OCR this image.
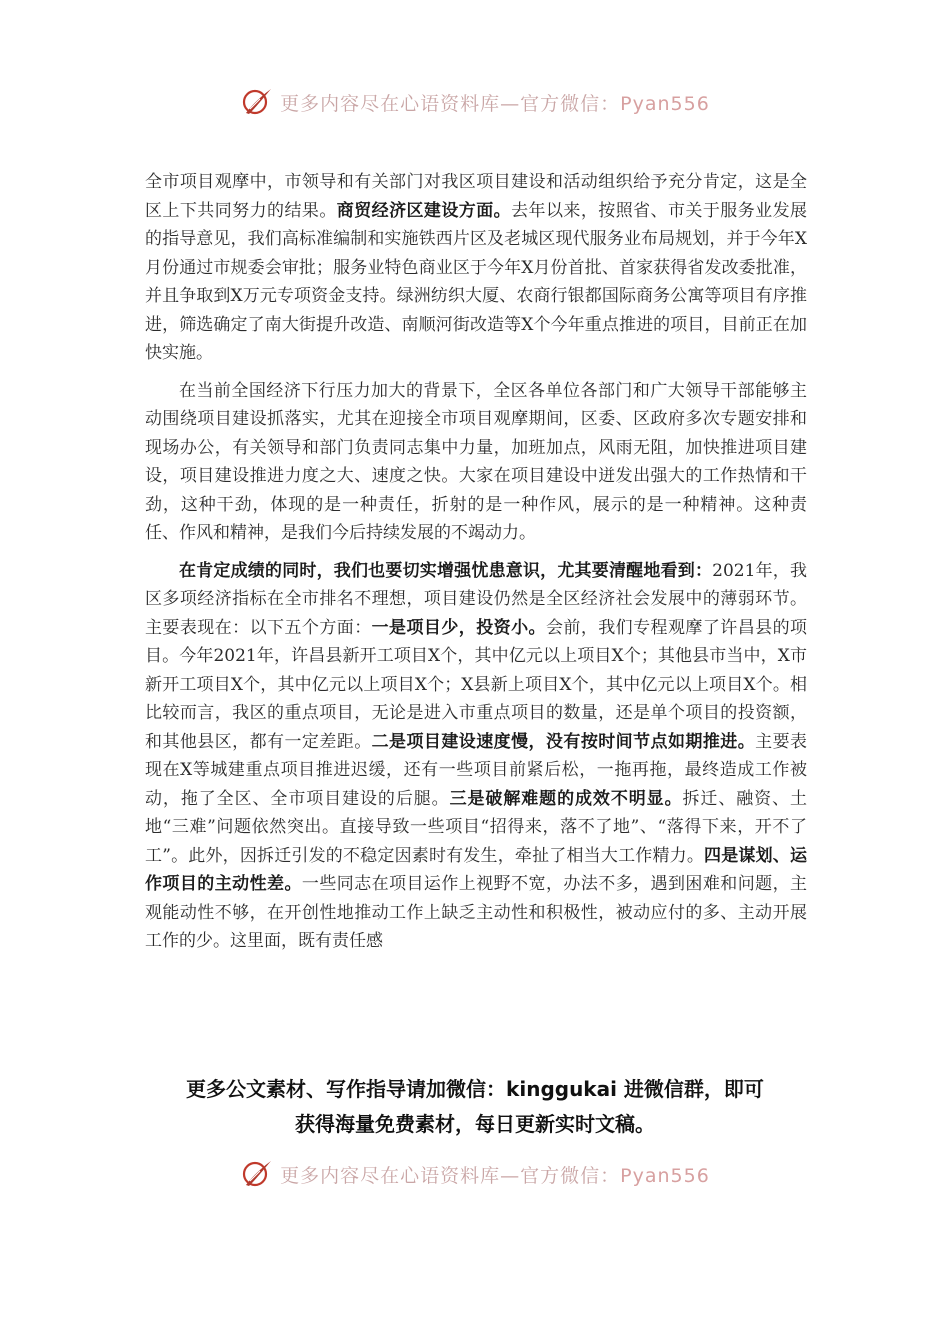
更多内容尽在心语资料库—官方微信：Pyan556

全市项目观摩中，市领导和有关部门对我区项目建设和活动组织给予充分肯定，这是全区上下共同努力的结果。商贸经济区建设方面。去年以来，按照省、市关于服务业发展的指导意见，我们高标准编制和实施铁西片区及老城区现代服务业布局规划，并于今年X月份通过市规委会审批；服务业特色商业区于今年X月份首批、首家获得省发改委批准，并且争取到X万元专项资金支持。绿洲纺织大厦、农商行银都国际商务公寓等项目有序推进，筛选确定了南大街提升改造、南顺河街改造等X个今年重点推进的项目，目前正在加快实施。

在当前全国经济下行压力加大的背景下，全区各单位各部门和广大领导干部能够主动围绕项目建设抓落实，尤其在迎接全市项目观摩期间，区委、区政府多次专题安排和现场办公，有关领导和部门负责同志集中力量，加班加点，风雨无阻，加快推进项目建设，项目建设推进力度之大、速度之快。大家在项目建设中迸发出强大的工作热情和干劲，这种干劲，体现的是一种责任，折射的是一种作风，展示的是一种精神。这种责任、作风和精神，是我们今后持续发展的不竭动力。

在肯定成绩的同时，我们也要切实增强忧患意识，尤其要清醒地看到：2021年，我区多项经济指标在全市排名不理想，项目建设仍然是全区经济社会发展中的薄弱环节。主要表现在：以下五个方面：一是项目少，投资小。会前，我们专程观摩了许昌县的项目。今年2021年，许昌县新开工项目X个，其中亿元以上项目X个；其他县市当中，X市新开工项目X个，其中亿元以上项目X个；X县新上项目X个，其中亿元以上项目X个。相比较而言，我区的重点项目，无论是进入市重点项目的数量，还是单个项目的投资额，和其他县区，都有一定差距。二是项目建设速度慢，没有按时间节点如期推进。主要表现在X等城建重点项目推进迟缓，还有一些项目前紧后松，一拖再拖，最终造成工作被动，拖了全区、全市项目建设的后腿。三是破解难题的成效不明显。拆迁、融资、土地“三难”问题依然突出。直接导致一些项目“招得来，落不了地”、“落得下来，开不了工”。此外，因拆迁引发的不稳定因素时有发生，牵扯了相当大工作精力。四是谋划、运作项目的主动性差。一些同志在项目运作上视野不宽，办法不多，遇到困难和问题，主观能动性不够，在开创性地推动工作上缺乏主动性和积极性，被动应付的多、主动开展工作的少。这里面，既有责任感

更多公文素材、写作指导请加微信：kinggukai 进微信群，即可
获得海量免费素材，每日更新实时文稿。
更多内容尽在心语资料库—官方微信：Pyan556
